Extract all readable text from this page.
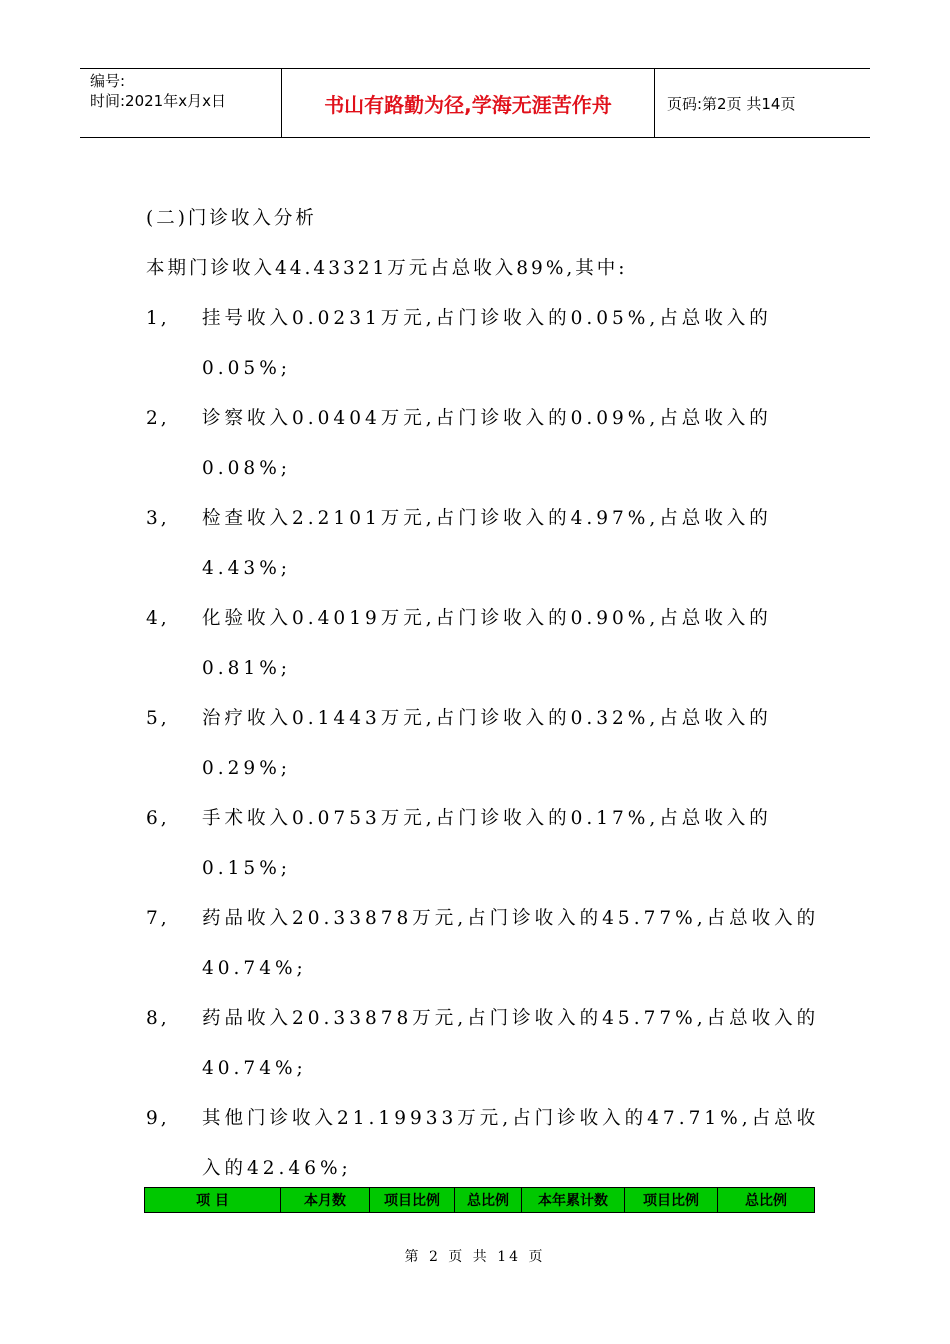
编号:
时间:2021年x月x日	书山有路勤为径,学海无涯苦作舟	页码:第2页 共14页
(二)门诊收入分析
本期门诊收入44.43321万元占总收入89%,其中:
1, 挂号收入0.0231万元,占门诊收入的0.05%,占总收入的
0.05%;
2, 诊察收入0.0404万元,占门诊收入的0.09%,占总收入的
0.08%;
3, 检查收入2.2101万元,占门诊收入的4.97%,占总收入的
4.43%;
4, 化验收入0.4019万元,占门诊收入的0.90%,占总收入的
0.81%;
5, 治疗收入0.1443万元,占门诊收入的0.32%,占总收入的
0.29%;
6, 手术收入0.0753万元,占门诊收入的0.17%,占总收入的
0.15%;
7, 药品收入20.33878万元,占门诊收入的45.77%,占总收入的
40.74%;
8, 药品收入20.33878万元,占门诊收入的45.77%,占总收入的
40.74%;
9, 其他门诊收入21.19933万元,占门诊收入的47.71%,占总收
入的42.46%;
项 目	本月数	项目比例	总比例	本年累计数	项目比例	总比例
第 2 页 共 14 页
